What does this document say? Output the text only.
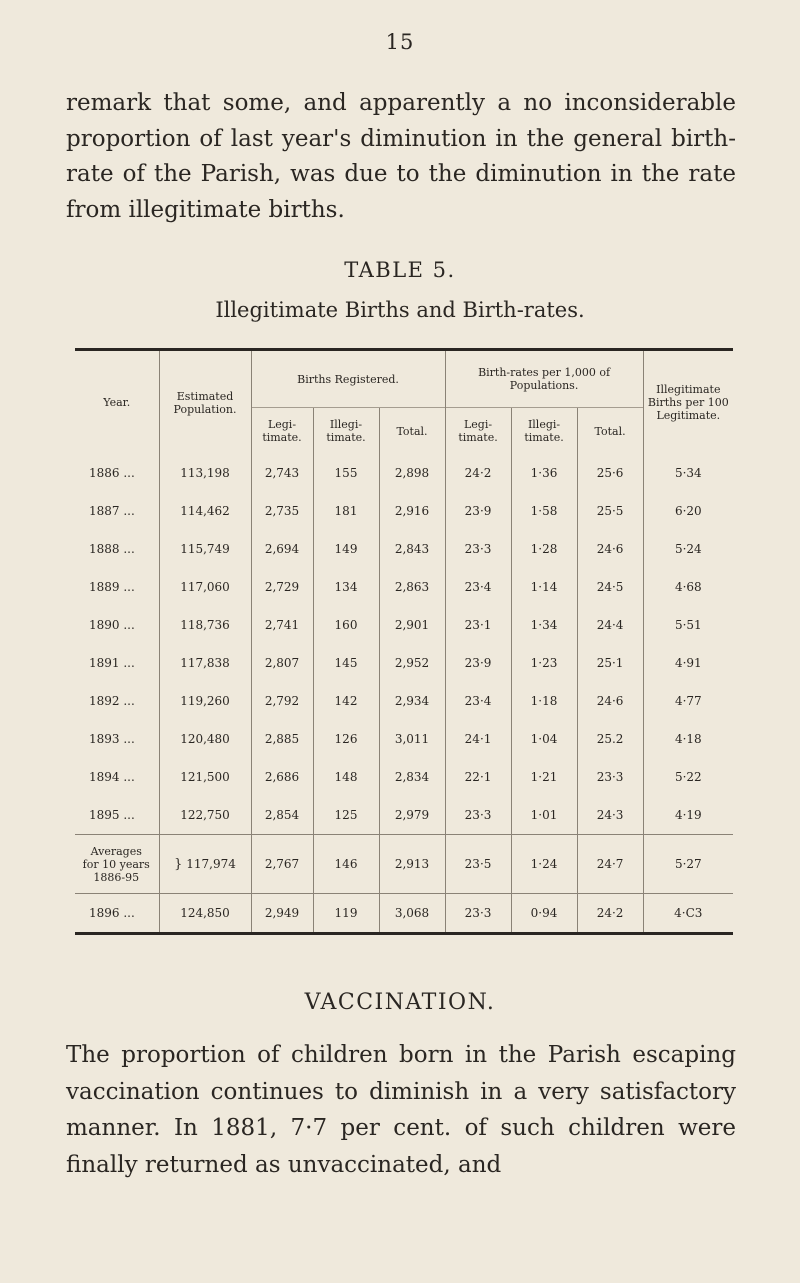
15
remark that some, and apparently a no inconsiderable proportion of last year's diminution in the general birth-rate of the Parish, was due to the diminution in the rate from illegitimate births.
TABLE 5.
Illegitimate Births and Birth-rates.
Year.	Estimated Population.	Births Registered.			Birth-rates per 1,000 of Populations.			Illegitimate Births per 100 Legitimate.
		Legi- timate.	Illegi- timate.	Total.	Legi- timate.	Illegi- timate.	Total.	
1886 ...	113,198	2,743	155	2,898	24·2	1·36	25·6	5·34
1887 ...	114,462	2,735	181	2,916	23·9	1·58	25·5	6·20
1888 ...	115,749	2,694	149	2,843	23·3	1·28	24·6	5·24
1889 ...	117,060	2,729	134	2,863	23·4	1·14	24·5	4·68
1890 ...	118,736	2,741	160	2,901	23·1	1·34	24·4	5·51
1891 ...	117,838	2,807	145	2,952	23·9	1·23	25·1	4·91
1892 ...	119,260	2,792	142	2,934	23·4	1·18	24·6	4·77
1893 ...	120,480	2,885	126	3,011	24·1	1·04	25.2	4·18
1894 ...	121,500	2,686	148	2,834	22·1	1·21	23·3	5·22
1895 ...	122,750	2,854	125	2,979	23·3	1·01	24·3	4·19
Averages
for 10 years
1886-95	} 117,974	2,767	146	2,913	23·5	1·24	24·7	5·27
1896 ...	124,850	2,949	119	3,068	23·3	0·94	24·2	4·C3
VACCINATION.
The proportion of children born in the Parish escaping vaccination continues to diminish in a very satisfactory manner. In 1881, 7·7 per cent. of such children were finally returned as unvaccinated, and
